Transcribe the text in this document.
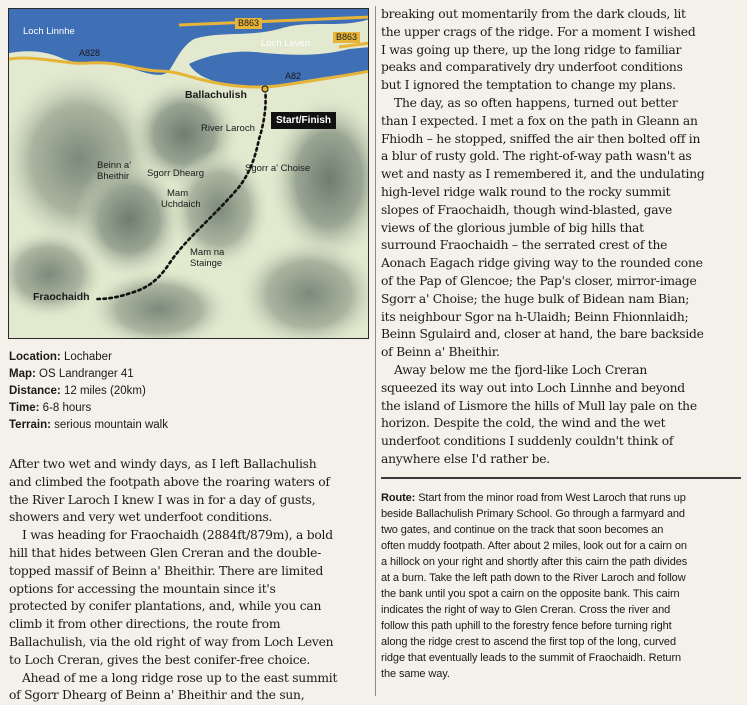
Loch Linnhe
B863
Loch Leven
B863
A828
A82
Ballachulish
Start/Finish
River Laroch
Sgorr Dhearg	Sgorr a' Choise
Beinn a'
Bheithir
Mam
Uchdaich
Mam na
Stainge
Fraochaidh
Location: Lochaber
Map: OS Landranger 41
Distance: 12 miles (20km)
Time: 6-8 hours
Terrain: serious mountain walk

After two wet and windy days, as I left Ballachulish
and climbed the footpath above the roaring waters of
the River Laroch I knew I was in for a day of gusts,
showers and very wet underfoot conditions.

I was heading for Fraochaidh (2884ft/879m), a bold
hill that hides between Glen Creran and the double-
topped massif of Beinn a' Bheithir. There are limited
options for accessing the mountain since it's
protected by conifer plantations, and, while you can
climb it from other directions, the route from
Ballachulish, via the old right of way from Loch Leven
to Loch Creran, gives the best conifer-free choice.

Ahead of me a long ridge rose up to the east summit
of Sgorr Dhearg of Beinn a' Bheithir and the sun,

breaking out momentarily from the dark clouds, lit
the upper crags of the ridge. For a moment I wished
I was going up there, up the long ridge to familiar
peaks and comparatively dry underfoot conditions
but I ignored the temptation to change my plans.

The day, as so often happens, turned out better
than I expected. I met a fox on the path in Gleann an
Fhiodh – he stopped, sniffed the air then bolted off in
a blur of rusty gold. The right-of-way path wasn't as
wet and nasty as I remembered it, and the undulating
high-level ridge walk round to the rocky summit
slopes of Fraochaidh, though wind-blasted, gave
views of the glorious jumble of big hills that
surround Fraochaidh – the serrated crest of the
Aonach Eagach ridge giving way to the rounded cone
of the Pap of Glencoe; the Pap's closer, mirror-image
Sgorr a' Choise; the huge bulk of Bidean nam Bian;
its neighbour Sgor na h-Ulaidh; Beinn Fhionnlaidh;
Beinn Sgulaird and, closer at hand, the bare backside
of Beinn a' Bheithir.

Away below me the fjord-like Loch Creran
squeezed its way out into Loch Linnhe and beyond
the island of Lismore the hills of Mull lay pale on the
horizon. Despite the cold, the wind and the wet
underfoot conditions I suddenly couldn't think of
anywhere else I'd rather be.

Route: Start from the minor road from West Laroch that runs up
beside Ballachulish Primary School. Go through a farmyard and
two gates, and continue on the track that soon becomes an
often muddy footpath. After about 2 miles, look out for a cairn on
a hillock on your right and shortly after this cairn the path divides
at a burn. Take the left path down to the River Laroch and follow
the bank until you spot a cairn on the opposite bank. This cairn
indicates the right of way to Glen Creran. Cross the river and
follow this path uphill to the forestry fence before turning right
along the ridge crest to ascend the first top of the long, curved
ridge that eventually leads to the summit of Fraochaidh. Return
the same way.
